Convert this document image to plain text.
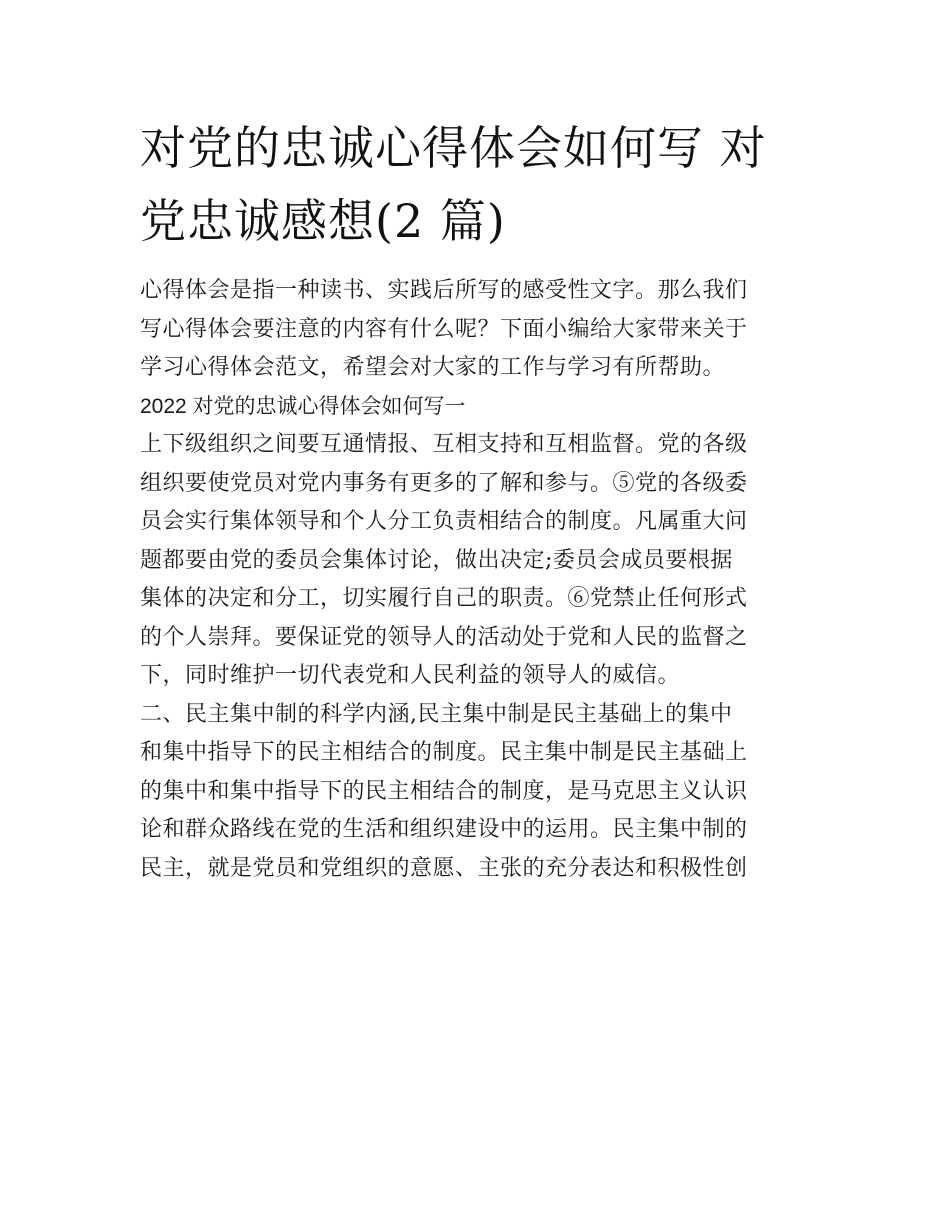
对党的忠诚心得体会如何写 对
党忠诚感想(2 篇)
心得体会是指一种读书、实践后所写的感受性文字。那么我们
写心得体会要注意的内容有什么呢？下面小编给大家带来关于
学习心得体会范文，希望会对大家的工作与学习有所帮助。
2022 对党的忠诚心得体会如何写一
上下级组织之间要互通情报、互相支持和互相监督。党的各级
组织要使党员对党内事务有更多的了解和参与。⑤党的各级委
员会实行集体领导和个人分工负责相结合的制度。凡属重大问
题都要由党的委员会集体讨论，做出决定;委员会成员要根据
集体的决定和分工，切实履行自己的职责。⑥党禁止任何形式
的个人崇拜。要保证党的领导人的活动处于党和人民的监督之
下，同时维护一切代表党和人民利益的领导人的威信。
二、民主集中制的科学内涵,民主集中制是民主基础上的集中
和集中指导下的民主相结合的制度。民主集中制是民主基础上
的集中和集中指导下的民主相结合的制度，是马克思主义认识
论和群众路线在党的生活和组织建设中的运用。民主集中制的
民主，就是党员和党组织的意愿、主张的充分表达和积极性创
